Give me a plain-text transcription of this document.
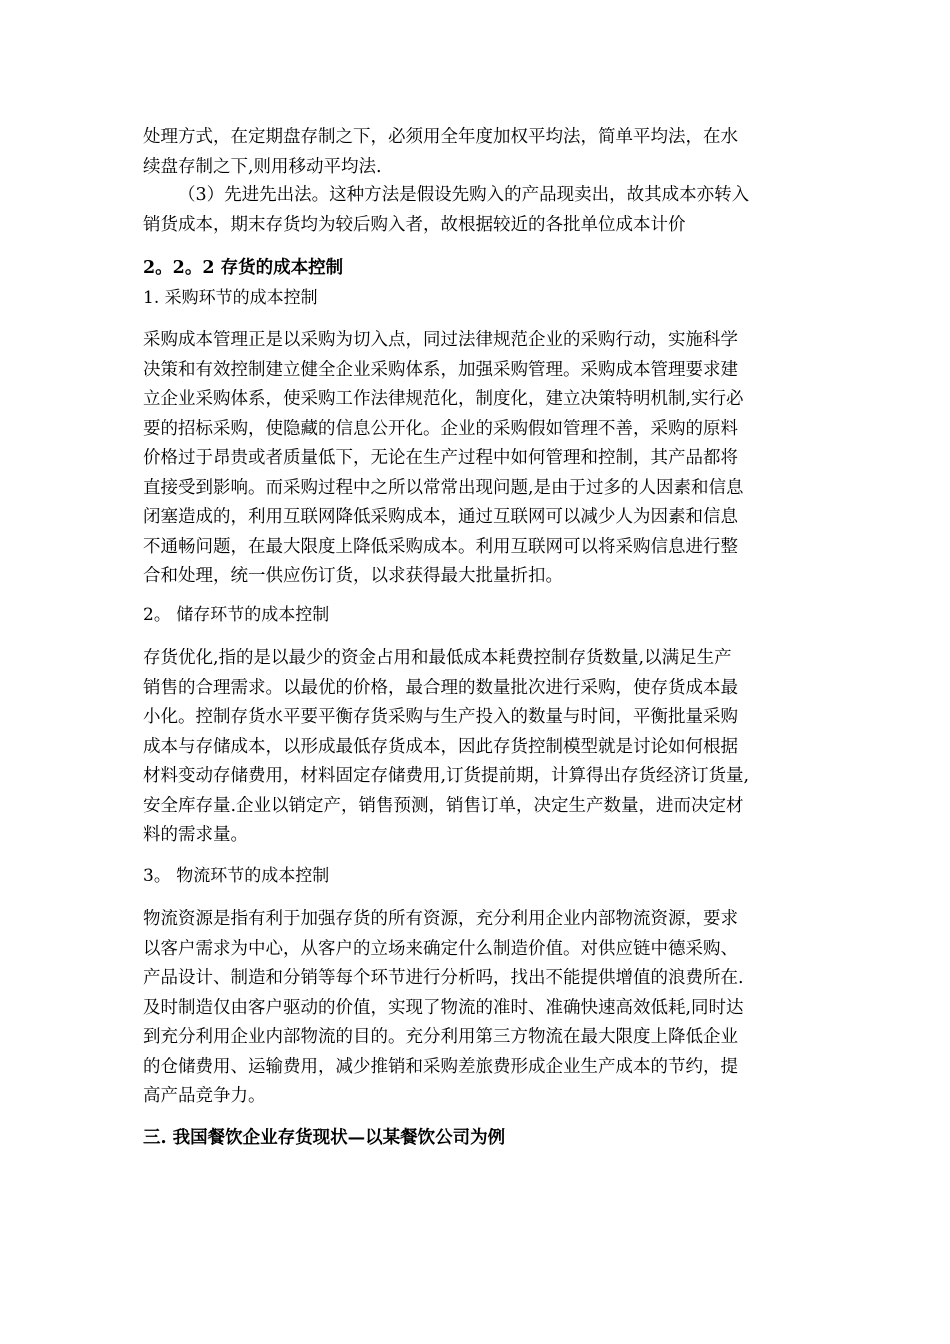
处理方式，在定期盘存制之下，必须用全年度加权平均法，简单平均法，在水
续盘存制之下,则用移动平均法.
（3）先进先出法。这种方法是假设先购入的产品现卖出，故其成本亦转入
销货成本，期末存货均为较后购入者，故根据较近的各批单位成本计价
2。2。2 存货的成本控制
1. 采购环节的成本控制
采购成本管理正是以采购为切入点，同过法律规范企业的采购行动，实施科学
决策和有效控制建立健全企业采购体系，加强采购管理。采购成本管理要求建
立企业采购体系，使采购工作法律规范化，制度化，建立决策特明机制,实行必
要的招标采购，使隐藏的信息公开化。企业的采购假如管理不善，采购的原料
价格过于昂贵或者质量低下，无论在生产过程中如何管理和控制，其产品都将
直接受到影响。而采购过程中之所以常常出现问题,是由于过多的人因素和信息
闭塞造成的，利用互联网降低采购成本，通过互联网可以减少人为因素和信息
不通畅问题，在最大限度上降低采购成本。利用互联网可以将采购信息进行整
合和处理，统一供应伤订货，以求获得最大批量折扣。
2。 储存环节的成本控制
存货优化,指的是以最少的资金占用和最低成本耗费控制存货数量,以满足生产
销售的合理需求。以最优的价格，最合理的数量批次进行采购，使存货成本最
小化。控制存货水平要平衡存货采购与生产投入的数量与时间，平衡批量采购
成本与存储成本，以形成最低存货成本，因此存货控制模型就是讨论如何根据
材料变动存储费用，材料固定存储费用,订货提前期，计算得出存货经济订货量,
安全库存量.企业以销定产，销售预测，销售订单，决定生产数量，进而决定材
料的需求量。
3。 物流环节的成本控制
物流资源是指有利于加强存货的所有资源，充分利用企业内部物流资源，要求
以客户需求为中心，从客户的立场来确定什么制造价值。对供应链中德采购、
产品设计、制造和分销等每个环节进行分析吗，找出不能提供增值的浪费所在.
及时制造仅由客户驱动的价值，实现了物流的准时、准确快速高效低耗,同时达
到充分利用企业内部物流的目的。充分利用第三方物流在最大限度上降低企业
的仓储费用、运输费用，减少推销和采购差旅费形成企业生产成本的节约，提
高产品竞争力。
三. 我国餐饮企业存货现状—以某餐饮公司为例
